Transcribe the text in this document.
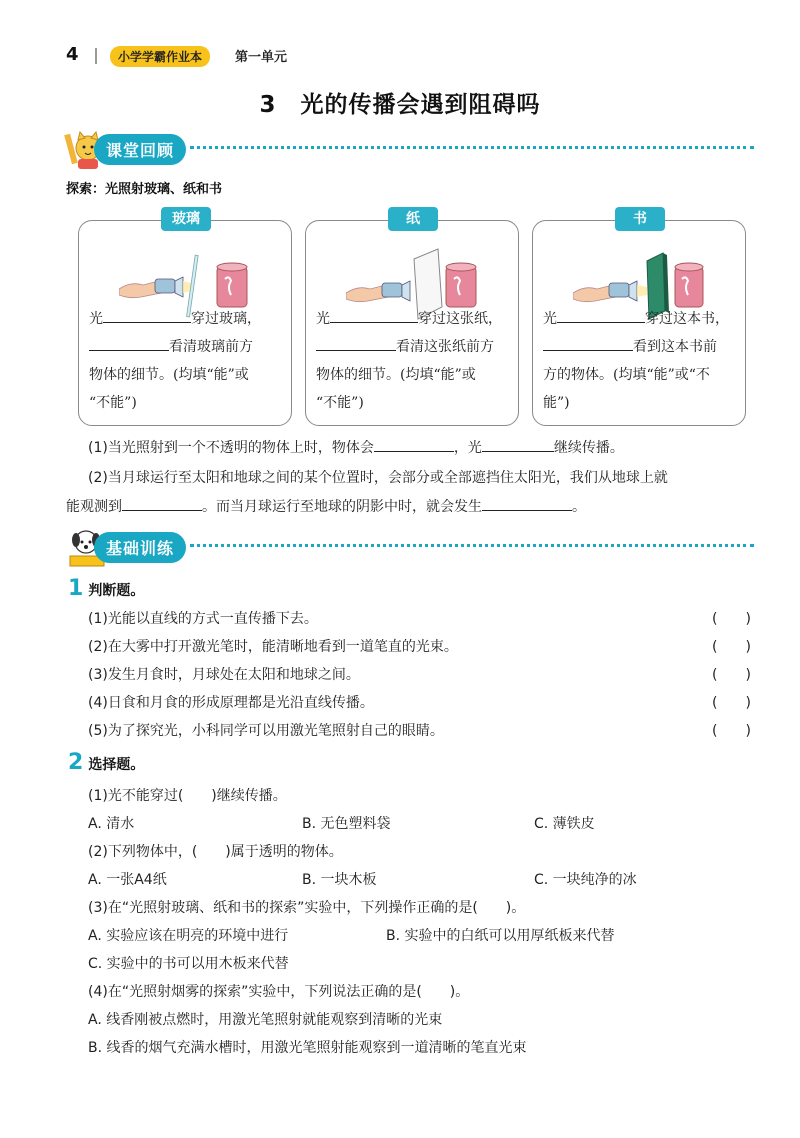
4	小学学霸作业本	第一单元
3　光的传播会遇到阻碍吗
课堂回顾
探索：光照射玻璃、纸和书
玻璃
光	穿过玻璃，
看清玻璃前方
物体的细节。(均填“能”或
“不能”)
纸
光	穿过这张纸，
看清这张纸前方
物体的细节。(均填“能”或
“不能”)
书
光	穿过这本书，
看到这本书前
方的物体。(均填“能”或“不
能”)
(1)当光照射到一个不透明的物体上时，物体会	，光	继续传播。
(2)当月球运行至太阳和地球之间的某个位置时，会部分或全部遮挡住太阳光，我们从地球上就
能观测到	。而当月球运行至地球的阴影中时，就会发生	。
基础训练
1 判断题。
(1)光能以直线的方式一直传播下去。	(　　)
(2)在大雾中打开激光笔时，能清晰地看到一道笔直的光束。	(　　)
(3)发生月食时，月球处在太阳和地球之间。	(　　)
(4)日食和月食的形成原理都是光沿直线传播。	(　　)
(5)为了探究光，小科同学可以用激光笔照射自己的眼睛。	(　　)
2 选择题。
(1)光不能穿过(　　)继续传播。
A. 清水	B. 无色塑料袋	C. 薄铁皮
(2)下列物体中，(　　)属于透明的物体。
A. 一张A4纸	B. 一块木板	C. 一块纯净的冰
(3)在“光照射玻璃、纸和书的探索”实验中，下列操作正确的是(　　)。
A. 实验应该在明亮的环境中进行	B. 实验中的白纸可以用厚纸板来代替
C. 实验中的书可以用木板来代替
(4)在“光照射烟雾的探索”实验中，下列说法正确的是(　　)。
A. 线香刚被点燃时，用激光笔照射就能观察到清晰的光束
B. 线香的烟气充满水槽时，用激光笔照射能观察到一道清晰的笔直光束
